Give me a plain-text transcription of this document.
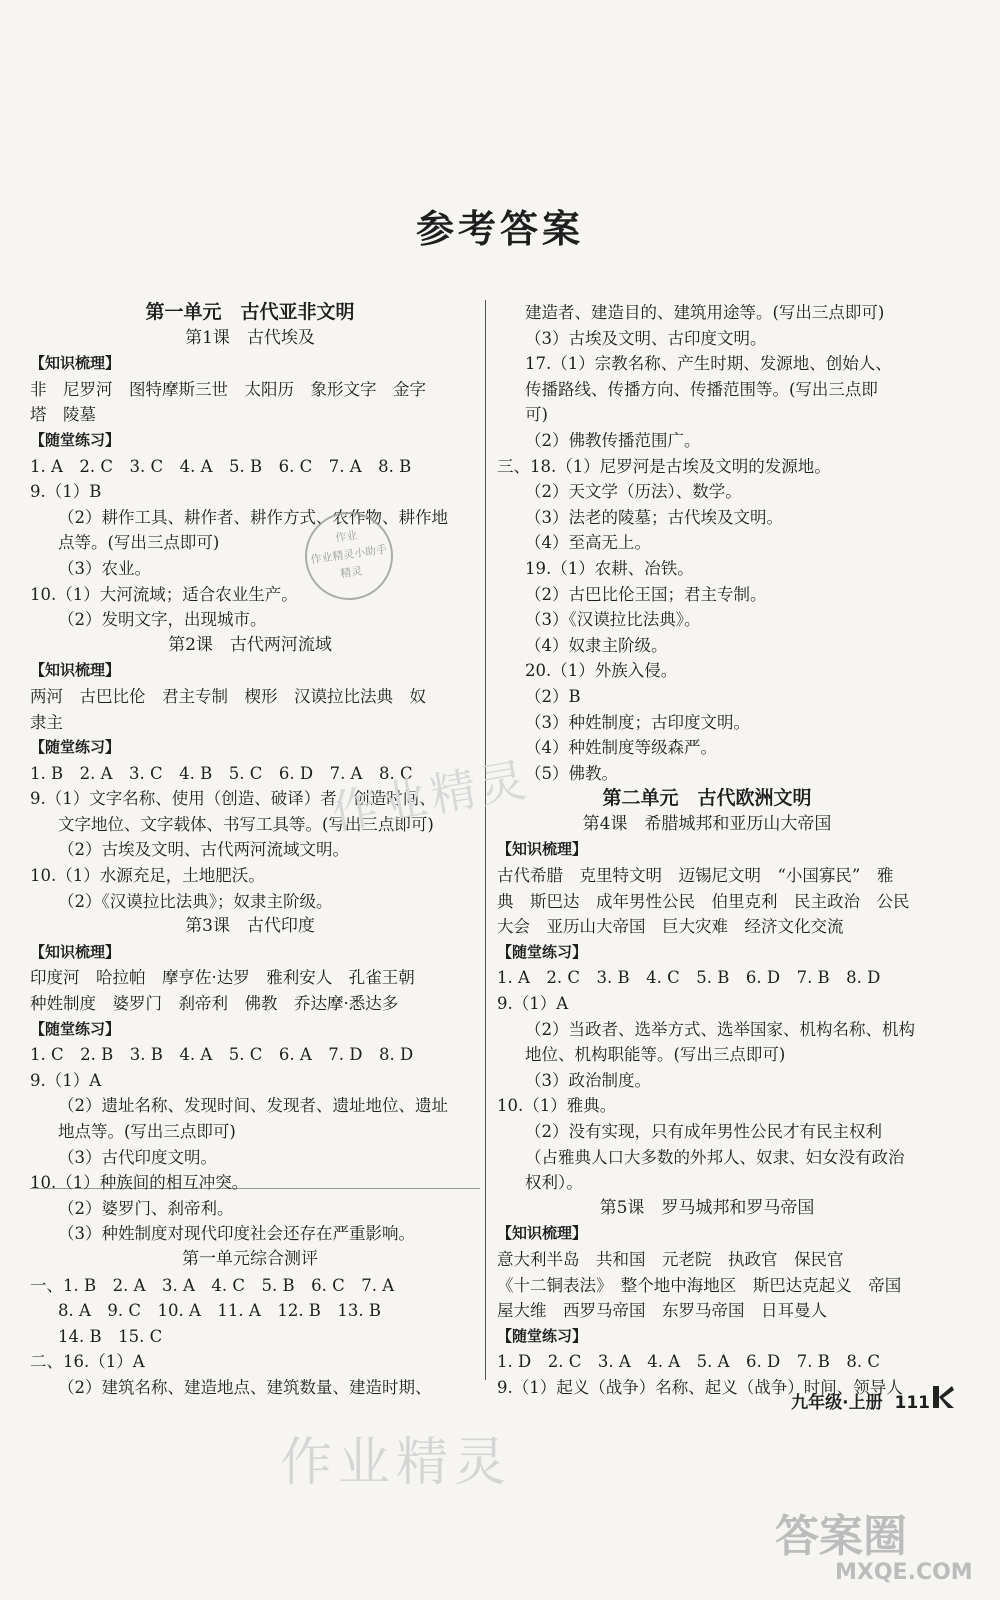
参考答案
第一单元　古代亚非文明
第1课　古代埃及
【知识梳理】
非　尼罗河　图特摩斯三世　太阳历　象形文字　金字
塔　陵墓
【随堂练习】
1. A　2. C　3. C　4. A　5. B　6. C　7. A　8. B
9.（1）B
（2）耕作工具、耕作者、耕作方式、农作物、耕作地
点等。(写出三点即可)
（3）农业。
10.（1）大河流域；适合农业生产。
（2）发明文字，出现城市。
第2课　古代两河流域
【知识梳理】
两河　古巴比伦　君主专制　楔形　汉谟拉比法典　奴
隶主
【随堂练习】
1. B　2. A　3. C　4. B　5. C　6. D　7. A　8. C
9.（1）文字名称、使用（创造、破译）者、创造时间、
文字地位、文字载体、书写工具等。(写出三点即可)
（2）古埃及文明、古代两河流域文明。
10.（1）水源充足，土地肥沃。
（2）《汉谟拉比法典》；奴隶主阶级。
第3课　古代印度
【知识梳理】
印度河　哈拉帕　摩亨佐·达罗　雅利安人　孔雀王朝
种姓制度　婆罗门　刹帝利　佛教　乔达摩·悉达多
【随堂练习】
1. C　2. B　3. B　4. A　5. C　6. A　7. D　8. D
9.（1）A
（2）遗址名称、发现时间、发现者、遗址地位、遗址
地点等。(写出三点即可)
（3）古代印度文明。
10.（1）种族间的相互冲突。
（2）婆罗门、刹帝利。
（3）种姓制度对现代印度社会还存在严重影响。
第一单元综合测评
一、1. B　2. A　3. A　4. C　5. B　6. C　7. A
8. A　9. C　10. A　11. A　12. B　13. B
14. B　15. C
二、16.（1）A
（2）建筑名称、建造地点、建筑数量、建造时期、
建造者、建造目的、建筑用途等。(写出三点即可)
（3）古埃及文明、古印度文明。
17.（1）宗教名称、产生时期、发源地、创始人、
传播路线、传播方向、传播范围等。(写出三点即
可)
（2）佛教传播范围广。
三、18.（1）尼罗河是古埃及文明的发源地。
（2）天文学（历法）、数学。
（3）法老的陵墓；古代埃及文明。
（4）至高无上。
19.（1）农耕、冶铁。
（2）古巴比伦王国；君主专制。
（3）《汉谟拉比法典》。
（4）奴隶主阶级。
20.（1）外族入侵。
（2）B
（3）种姓制度；古印度文明。
（4）种姓制度等级森严。
（5）佛教。
第二单元　古代欧洲文明
第4课　希腊城邦和亚历山大帝国
【知识梳理】
古代希腊　克里特文明　迈锡尼文明　“小国寡民”　雅
典　斯巴达　成年男性公民　伯里克利　民主政治　公民
大会　亚历山大帝国　巨大灾难　经济文化交流
【随堂练习】
1. A　2. C　3. B　4. C　5. B　6. D　7. B　8. D
9.（1）A
（2）当政者、选举方式、选举国家、机构名称、机构
地位、机构职能等。(写出三点即可)
（3）政治制度。
10.（1）雅典。
（2）没有实现，只有成年男性公民才有民主权利
（占雅典人口大多数的外邦人、奴隶、妇女没有政治
权利）。
第5课　罗马城邦和罗马帝国
【知识梳理】
意大利半岛　共和国　元老院　执政官　保民官
《十二铜表法》　整个地中海地区　斯巴达克起义　帝国
屋大维　西罗马帝国　东罗马帝国　日耳曼人
【随堂练习】
1. D　2. C　3. A　4. A　5. A　6. D　7. B　8. C
9.（1）起义（战争）名称、起义（战争）时间、领导人
作业
作业精灵小助手
精灵
作业精灵
作业精灵
答案圈
MXQE.COM
九年级·上册 111
